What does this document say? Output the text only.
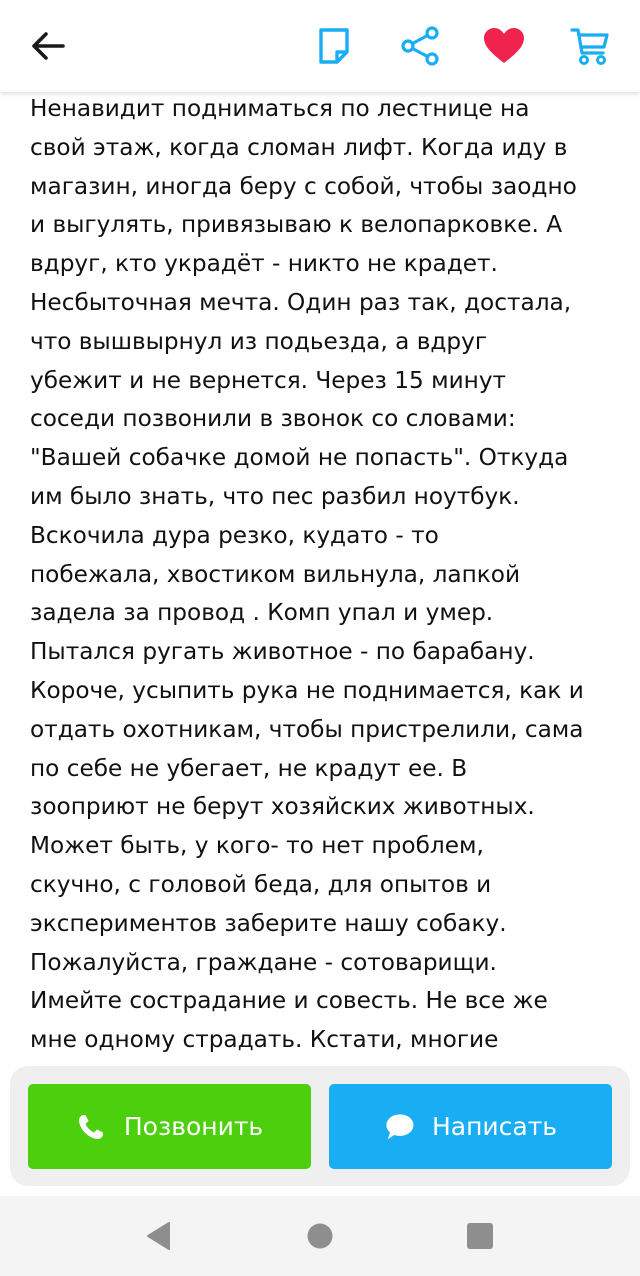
Ненавидит подниматься по лестнице на
свой этаж, когда сломан лифт. Когда иду в
магазин, иногда беру с собой, чтобы заодно
и выгулять, привязываю к велопарковке. А
вдруг, кто украдёт - никто не крадет.
Несбыточная мечта. Один раз так, достала,
что вышвырнул из подьезда, а вдруг
убежит и не вернется. Через 15 минут
соседи позвонили в звонок со словами:
"Вашей собачке домой не попасть". Откуда
им было знать, что пес разбил ноутбук.
Вскочила дура резко, кудато - то
побежала, хвостиком вильнула, лапкой
задела за провод . Комп упал и умер.
Пытался ругать животное - по барабану.
Короче, усыпить рука не поднимается, как и
отдать охотникам, чтобы пристрелили, сама
по себе не убегает, не крадут ее. В
зооприют не берут хозяйских животных.
Может быть, у кого- то нет проблем,
скучно, с головой беда, для опытов и
экспериментов заберите нашу собаку.
Пожалуйста, граждане - сотоварищи.
Имейте сострадание и совесть. Не все же
мне одному страдать. Кстати, многие

Позвонить	Написать
